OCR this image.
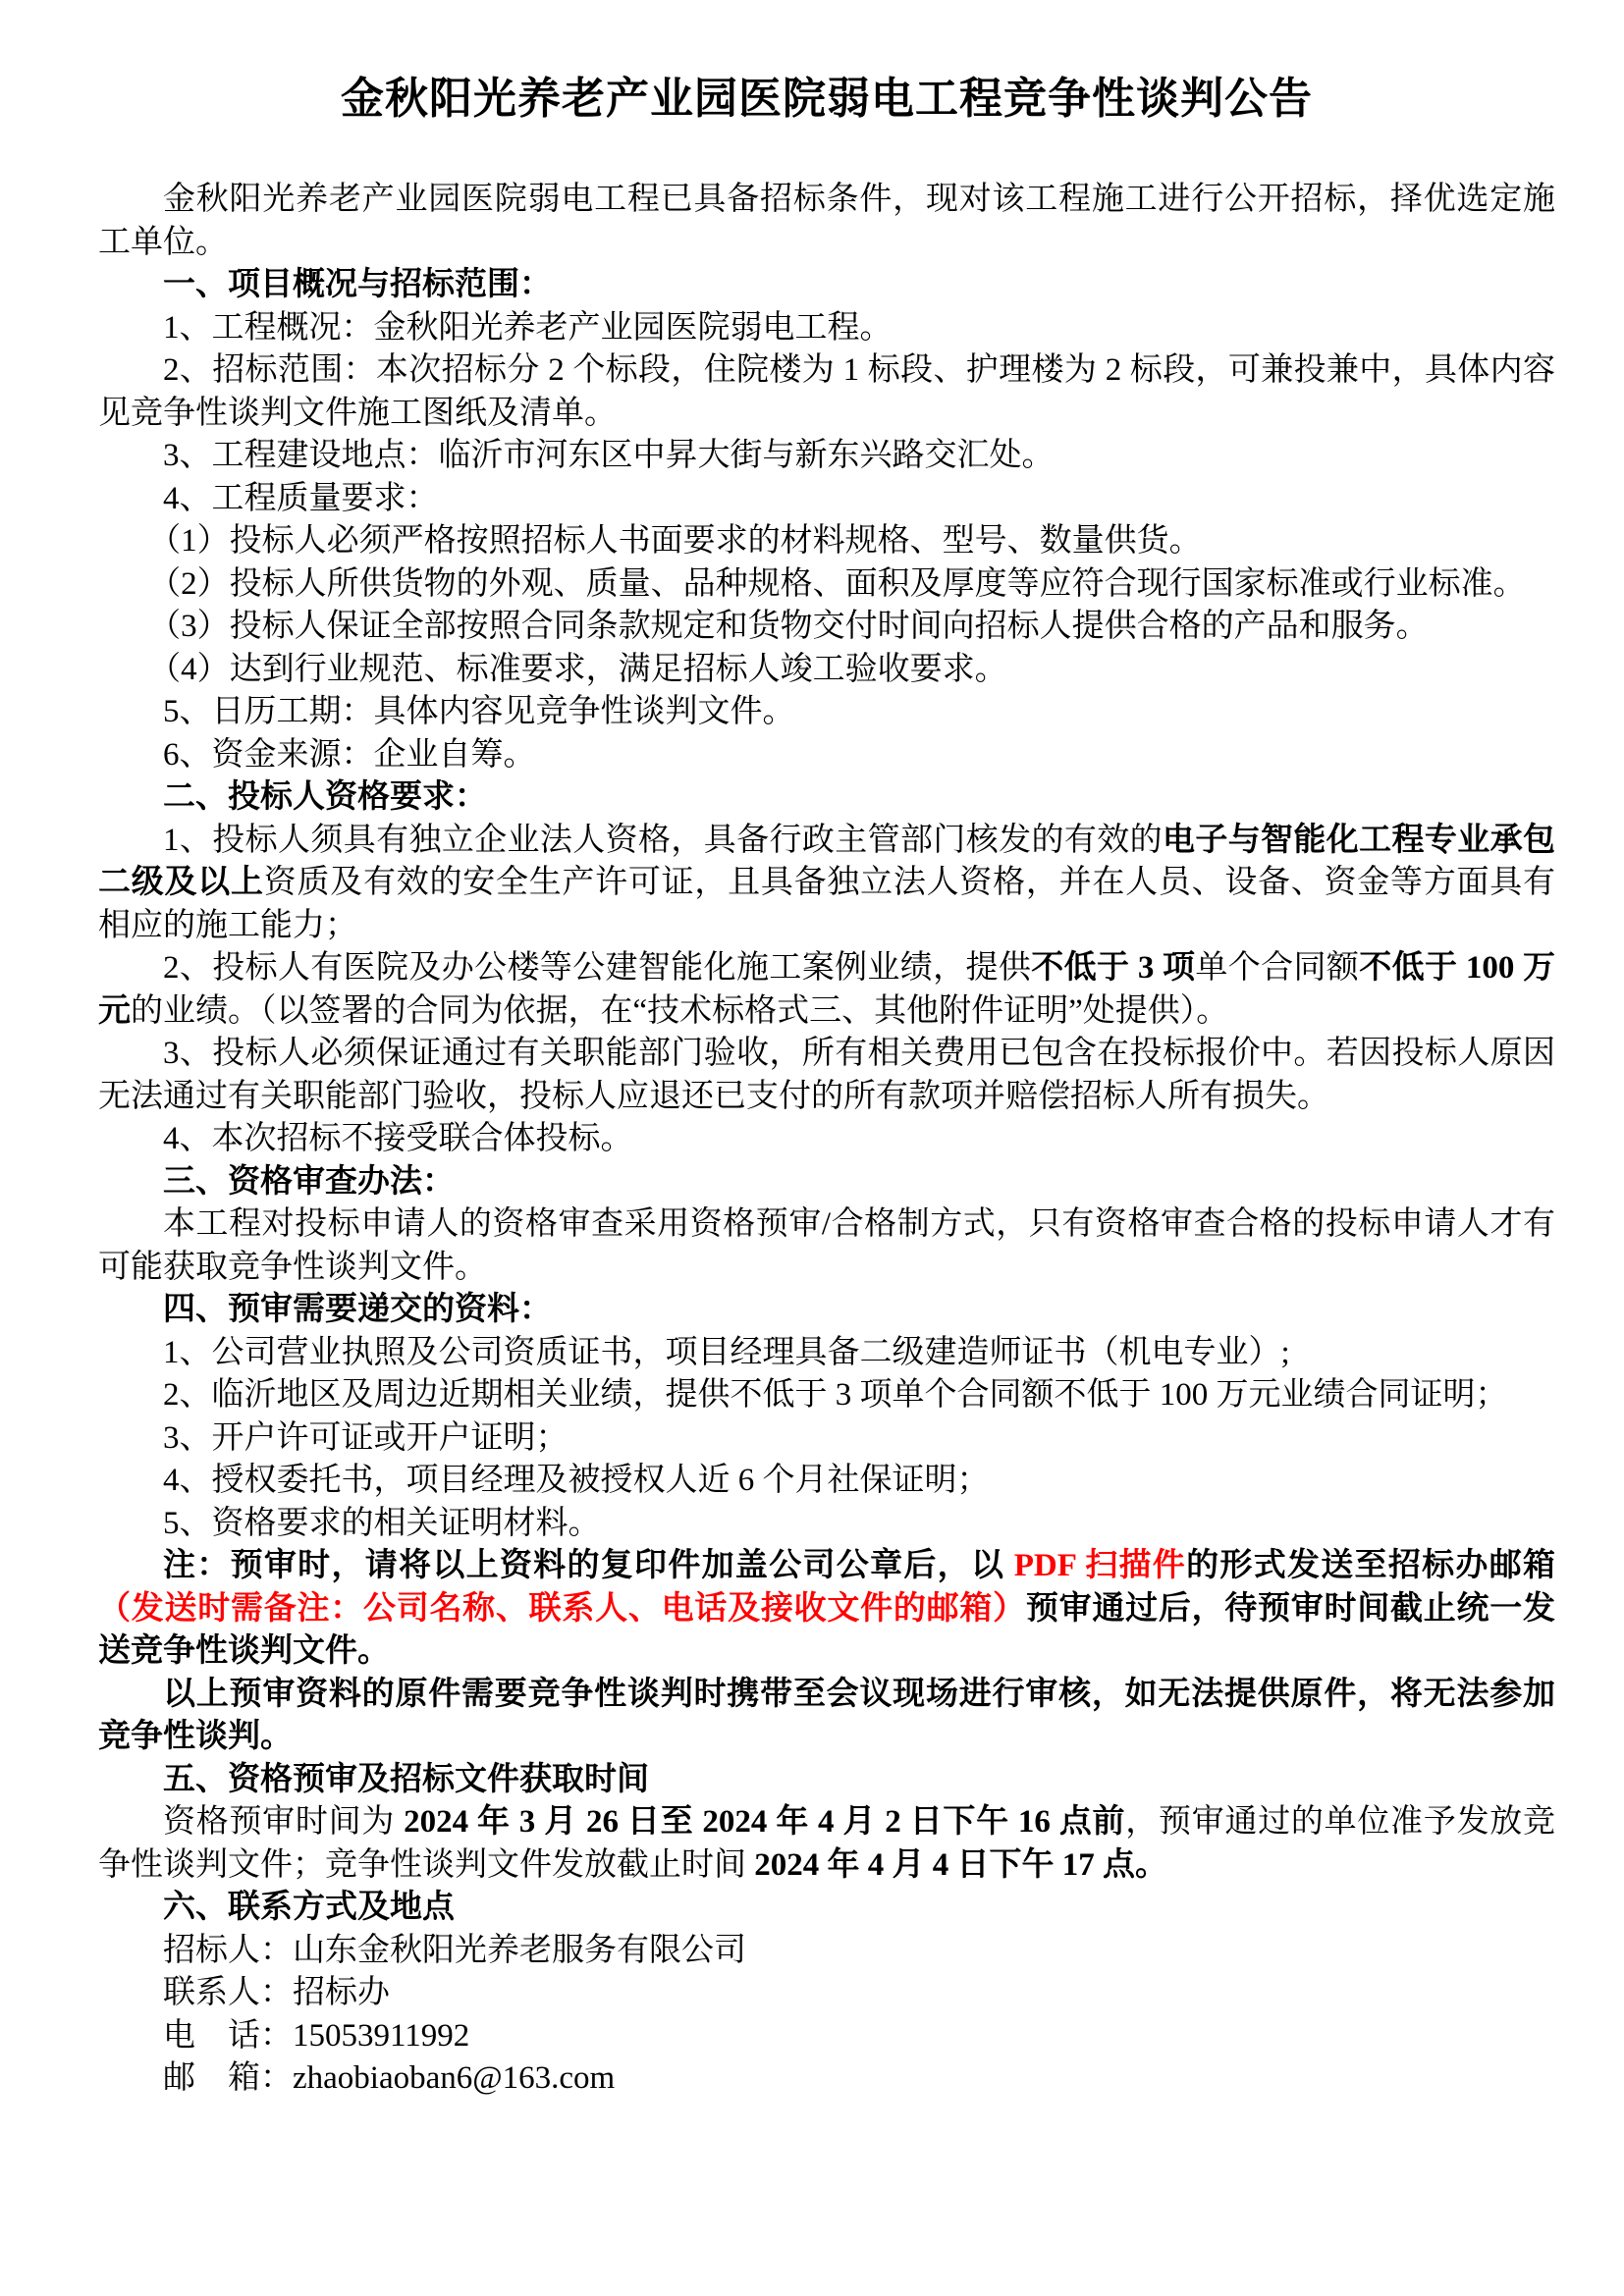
金秋阳光养老产业园医院弱电工程竞争性谈判公告

金秋阳光养老产业园医院弱电工程已具备招标条件，现对该工程施工进行公开招标，择优选定施工单位。

一、项目概况与招标范围：

1、工程概况：金秋阳光养老产业园医院弱电工程。

2、招标范围：本次招标分 2 个标段，住院楼为 1 标段、护理楼为 2 标段，可兼投兼中，具体内容见竞争性谈判文件施工图纸及清单。

3、工程建设地点：临沂市河东区中昇大街与新东兴路交汇处。

4、工程质量要求：

（1）投标人必须严格按照招标人书面要求的材料规格、型号、数量供货。

（2）投标人所供货物的外观、质量、品种规格、面积及厚度等应符合现行国家标准或行业标准。

（3）投标人保证全部按照合同条款规定和货物交付时间向招标人提供合格的产品和服务。

（4）达到行业规范、标准要求，满足招标人竣工验收要求。

5、日历工期：具体内容见竞争性谈判文件。

6、资金来源：企业自筹。

二、投标人资格要求：

1、投标人须具有独立企业法人资格，具备行政主管部门核发的有效的电子与智能化工程专业承包二级及以上资质及有效的安全生产许可证，且具备独立法人资格，并在人员、设备、资金等方面具有相应的施工能力；

2、投标人有医院及办公楼等公建智能化施工案例业绩，提供不低于 3 项单个合同额不低于 100 万元的业绩。（以签署的合同为依据，在“技术标格式三、其他附件证明”处提供）。

3、投标人必须保证通过有关职能部门验收，所有相关费用已包含在投标报价中。若因投标人原因无法通过有关职能部门验收，投标人应退还已支付的所有款项并赔偿招标人所有损失。

4、本次招标不接受联合体投标。

三、资格审查办法：

本工程对投标申请人的资格审查采用资格预审/合格制方式，只有资格审查合格的投标申请人才有可能获取竞争性谈判文件。

四、预审需要递交的资料：

1、公司营业执照及公司资质证书，项目经理具备二级建造师证书（机电专业）;

2、临沂地区及周边近期相关业绩，提供不低于 3 项单个合同额不低于 100 万元业绩合同证明；

3、开户许可证或开户证明；

4、授权委托书，项目经理及被授权人近 6 个月社保证明；

5、资格要求的相关证明材料。

注：预审时，请将以上资料的复印件加盖公司公章后，以 PDF 扫描件的形式发送至招标办邮箱（发送时需备注：公司名称、联系人、电话及接收文件的邮箱）预审通过后，待预审时间截止统一发送竞争性谈判文件。

以上预审资料的原件需要竞争性谈判时携带至会议现场进行审核，如无法提供原件，将无法参加竞争性谈判。

五、资格预审及招标文件获取时间

资格预审时间为 2024 年 3 月 26 日至 2024 年 4 月 2 日下午 16 点前，预审通过的单位准予发放竞争性谈判文件；竞争性谈判文件发放截止时间 2024 年 4 月 4 日下午 17 点。

六、联系方式及地点

招标人：山东金秋阳光养老服务有限公司

联系人：招标办

电　话：15053911992

邮　箱：zhaobiaoban6@163.com
